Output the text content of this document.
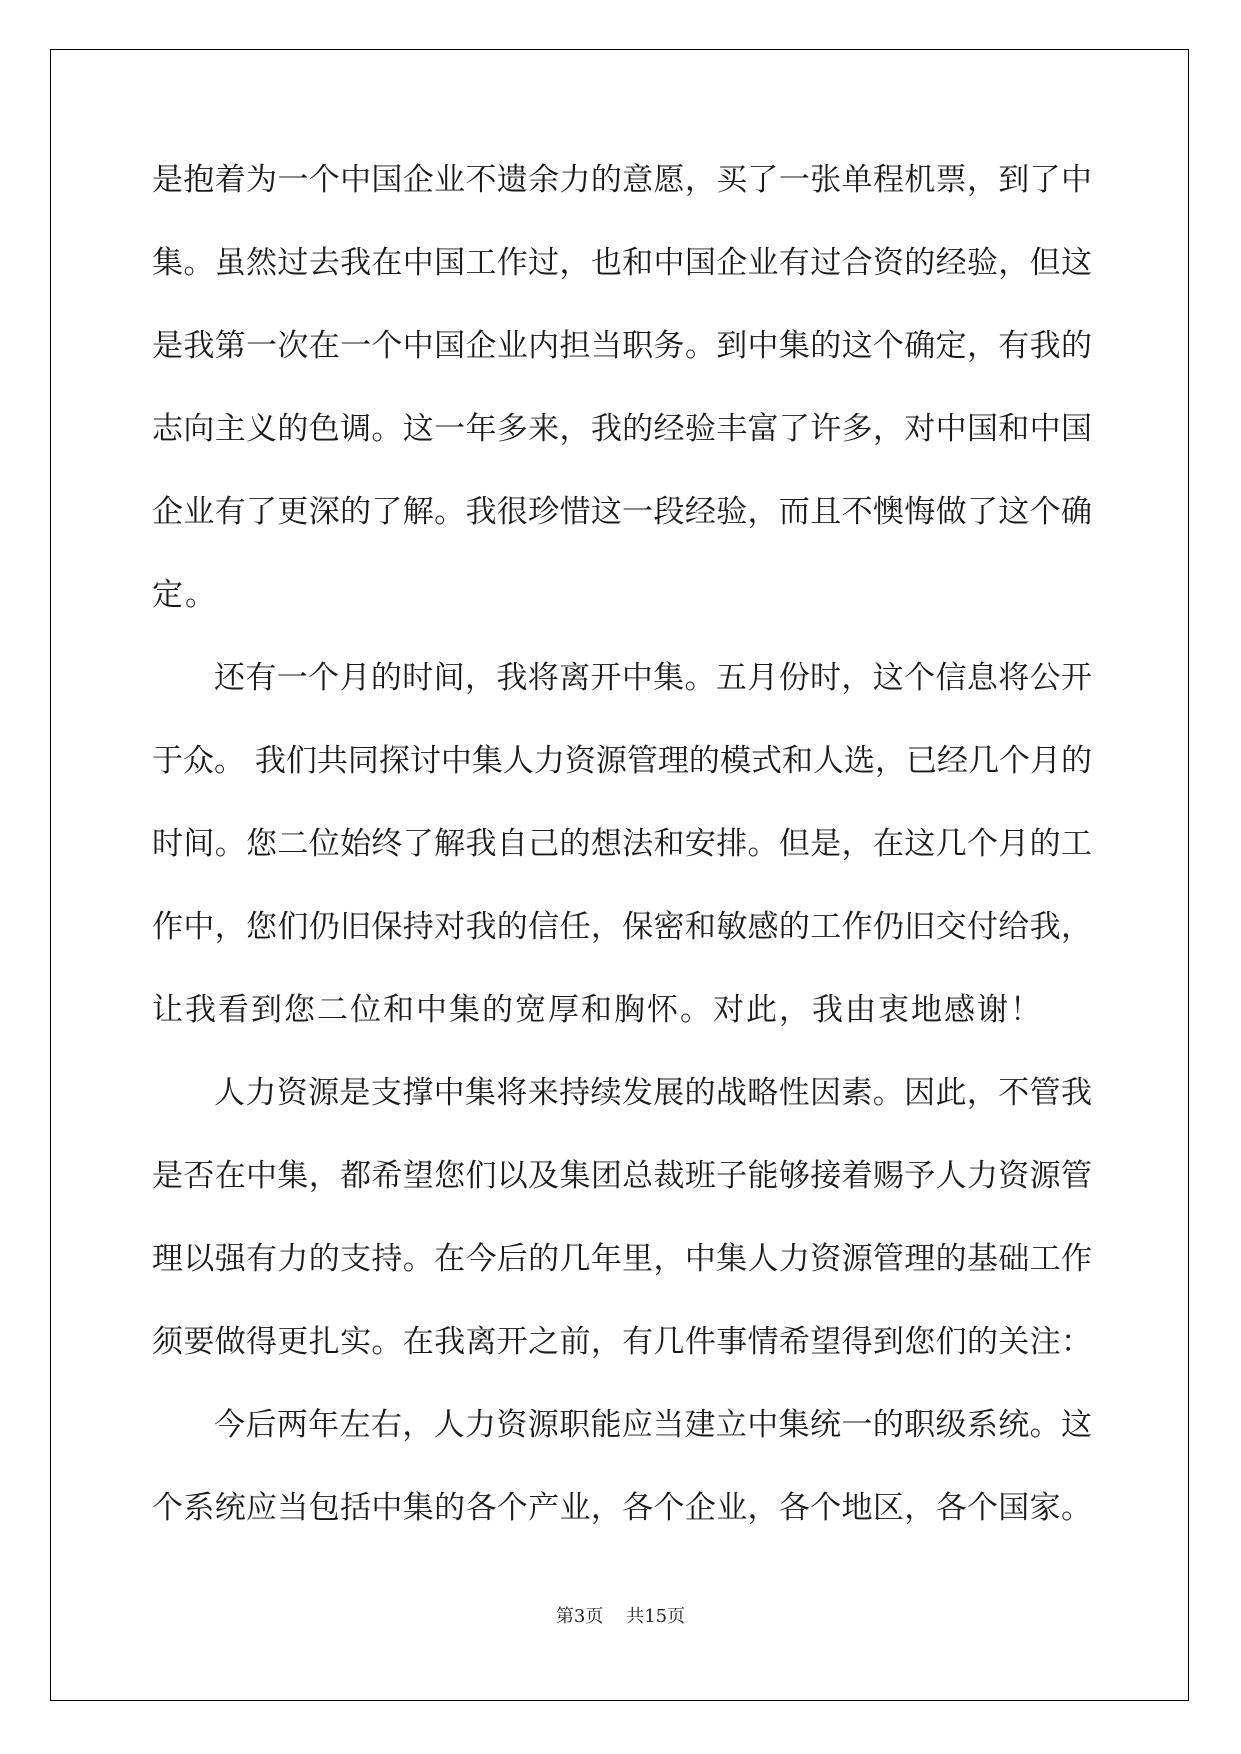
是抱着为一个中国企业不遗余力的意愿，买了一张单程机票，到了中
集。虽然过去我在中国工作过，也和中国企业有过合资的经验，但这
是我第一次在一个中国企业内担当职务。到中集的这个确定，有我的
志向主义的色调。这一年多来，我的经验丰富了许多，对中国和中国
企业有了更深的了解。我很珍惜这一段经验，而且不懊悔做了这个确
定。
还有一个月的时间，我将离开中集。五月份时，这个信息将公开
于众。 我们共同探讨中集人力资源管理的模式和人选，已经几个月的
时间。您二位始终了解我自己的想法和安排。但是，在这几个月的工
作中，您们仍旧保持对我的信任，保密和敏感的工作仍旧交付给我，
让我看到您二位和中集的宽厚和胸怀。对此，我由衷地感谢！
人力资源是支撑中集将来持续发展的战略性因素。因此，不管我
是否在中集，都希望您们以及集团总裁班子能够接着赐予人力资源管
理以强有力的支持。在今后的几年里，中集人力资源管理的基础工作
须要做得更扎实。在我离开之前，有几件事情希望得到您们的关注：
今后两年左右，人力资源职能应当建立中集统一的职级系统。这
个系统应当包括中集的各个产业，各个企业，各个地区，各个国家。
第3页    共15页
